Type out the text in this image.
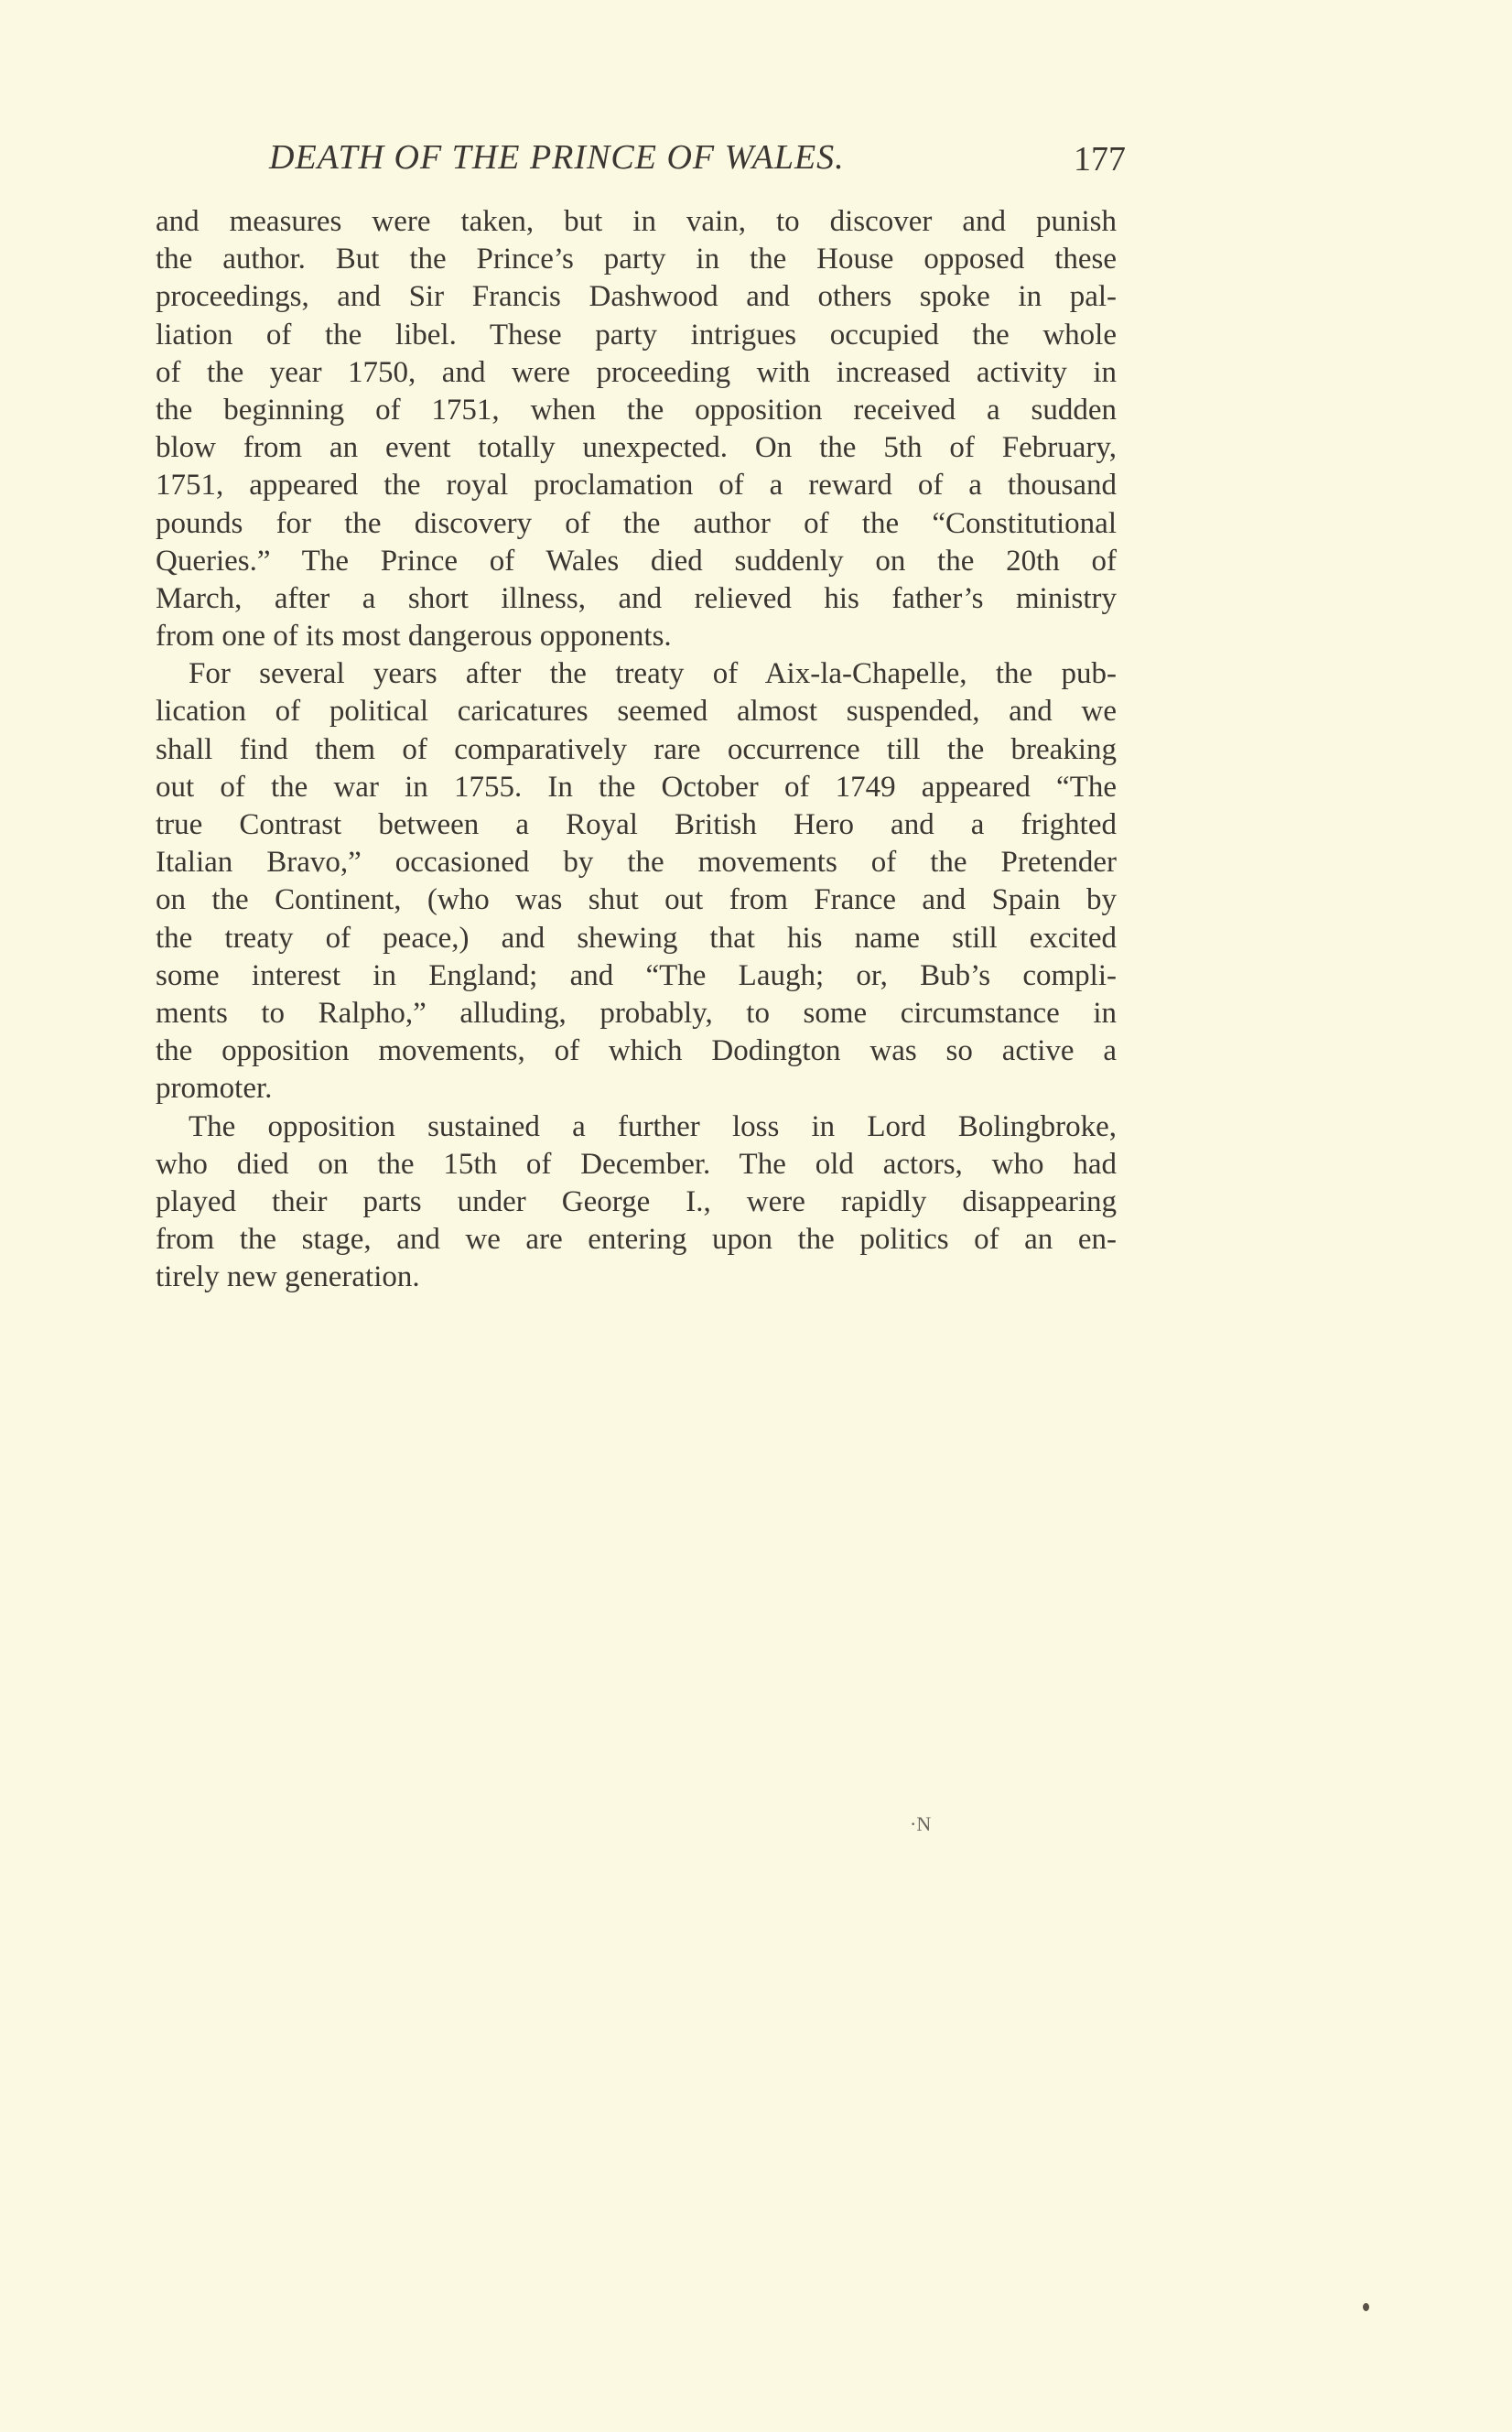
DEATH OF THE PRINCE OF WALES.	177
and measures were taken, but in vain, to discover and punish
the author. But the Prince’s party in the House opposed these
proceedings, and Sir Francis Dashwood and others spoke in pal-
liation of the libel. These party intrigues occupied the whole
of the year 1750, and were proceeding with increased activity in
the beginning of 1751, when the opposition received a sudden
blow from an event totally unexpected. On the 5th of February,
1751, appeared the royal proclamation of a reward of a thousand
pounds for the discovery of the author of the “Constitutional
Queries.” The Prince of Wales died suddenly on the 20th of
March, after a short illness, and relieved his father’s ministry
from one of its most dangerous opponents.
For several years after the treaty of Aix-la-Chapelle, the pub-
lication of political caricatures seemed almost suspended, and we
shall find them of comparatively rare occurrence till the breaking
out of the war in 1755. In the October of 1749 appeared “The
true Contrast between a Royal British Hero and a frighted
Italian Bravo,” occasioned by the movements of the Pretender
on the Continent, (who was shut out from France and Spain by
the treaty of peace,) and shewing that his name still excited
some interest in England; and “The Laugh; or, Bub’s compli-
ments to Ralpho,” alluding, probably, to some circumstance in
the opposition movements, of which Dodington was so active a
promoter.
The opposition sustained a further loss in Lord Bolingbroke,
who died on the 15th of December. The old actors, who had
played their parts under George I., were rapidly disappearing
from the stage, and we are entering upon the politics of an en-
tirely new generation.
·N
